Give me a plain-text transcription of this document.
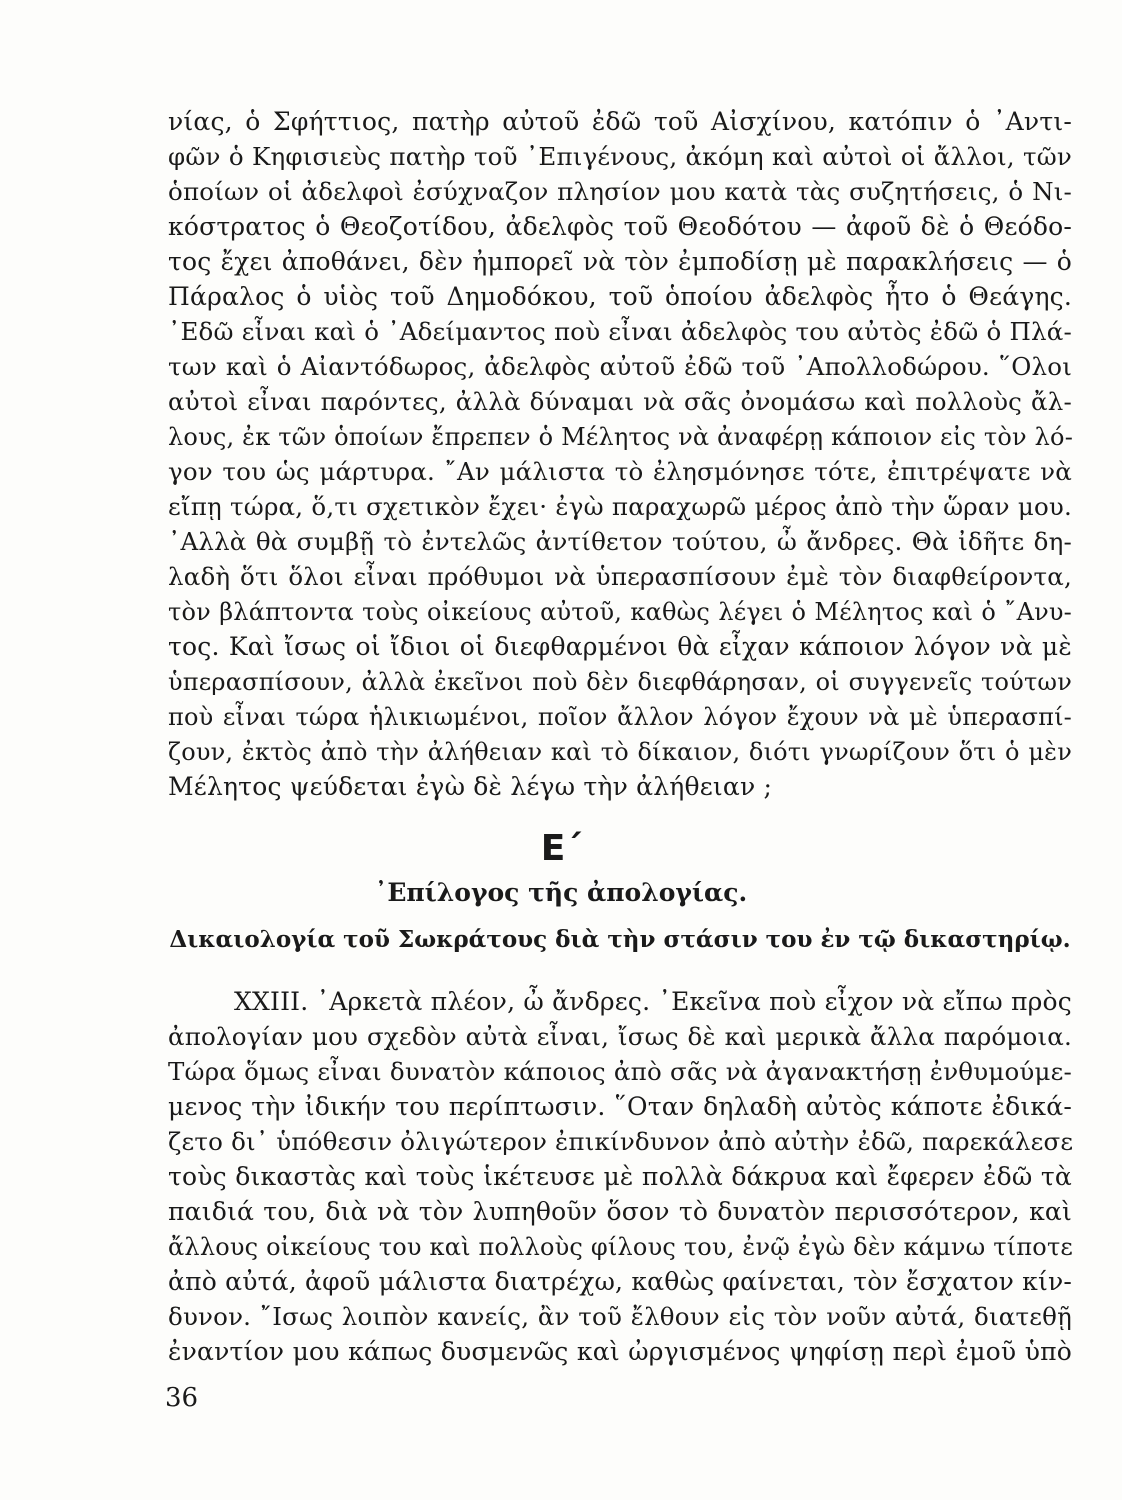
νίας, ὁ Σφήττιος, πατὴρ αὐτοῦ ἐδῶ τοῦ Αἰσχίνου, κατόπιν ὁ ᾿Αντι-
φῶν ὁ Κηφισιεὺς πατὴρ τοῦ ᾿Επιγένους, ἀκόμη καὶ αὐτοὶ οἱ ἄλλοι, τῶν
ὁποίων οἱ ἀδελφοὶ ἐσύχναζον πλησίον μου κατὰ τὰς συζητήσεις, ὁ Νι-
κόστρατος ὁ Θεοζοτίδου, ἀδελφὸς τοῦ Θεοδότου — ἀφοῦ δὲ ὁ Θεόδο-
τος ἔχει ἀποθάνει, δὲν ἠμπορεῖ νὰ τὸν ἐμποδίσῃ μὲ παρακλήσεις — ὁ
Πάραλος ὁ υἱὸς τοῦ Δημοδόκου, τοῦ ὁποίου ἀδελφὸς ἦτο ὁ Θεάγης.
᾿Εδῶ εἶναι καὶ ὁ ᾿Αδείμαντος ποὺ εἶναι ἀδελφὸς του αὐτὸς ἐδῶ ὁ Πλά-
των καὶ ὁ Αἰαντόδωρος, ἀδελφὸς αὐτοῦ ἐδῶ τοῦ ᾿Απολλοδώρου. ῞Ολοι
αὐτοὶ εἶναι παρόντες, ἀλλὰ δύναμαι νὰ σᾶς ὀνομάσω καὶ πολλοὺς ἄλ-
λους, ἐκ τῶν ὁποίων ἔπρεπεν ὁ Μέλητος νὰ ἀναφέρῃ κάποιον εἰς τὸν λό-
γον του ὡς μάρτυρα. ῎Αν μάλιστα τὸ ἐλησμόνησε τότε, ἐπιτρέψατε νὰ
εἴπῃ τώρα, ὅ,τι σχετικὸν ἔχει· ἐγὼ παραχωρῶ μέρος ἀπὸ τὴν ὥραν μου.
᾿Αλλὰ θὰ συμβῇ τὸ ἐντελῶς ἀντίθετον τούτου, ὦ ἄνδρες. Θὰ ἰδῆτε δη-
λαδὴ ὅτι ὅλοι εἶναι πρόθυμοι νὰ ὑπερασπίσουν ἐμὲ τὸν διαφθείροντα,
τὸν βλάπτοντα τοὺς οἰκείους αὐτοῦ, καθὼς λέγει ὁ Μέλητος καὶ ὁ ῎Ανυ-
τος. Καὶ ἴσως οἱ ἴδιοι οἱ διεφθαρμένοι θὰ εἶχαν κάποιον λόγον νὰ μὲ
ὑπερασπίσουν, ἀλλὰ ἐκεῖνοι ποὺ δὲν διεφθάρησαν, οἱ συγγενεῖς τούτων
ποὺ εἶναι τώρα ἡλικιωμένοι, ποῖον ἄλλον λόγον ἔχουν νὰ μὲ ὑπερασπί-
ζουν, ἐκτὸς ἀπὸ τὴν ἀλήθειαν καὶ τὸ δίκαιον, διότι γνωρίζουν ὅτι ὁ μὲν
Μέλητος ψεύδεται ἐγὼ δὲ λέγω τὴν ἀλήθειαν ;
Ε΄
᾿Επίλογος τῆς ἀπολογίας.
Δικαιολογία τοῦ Σωκράτους διὰ τὴν στάσιν του ἐν τῷ δικαστηρίῳ.
XXIII. ᾿Αρκετὰ πλέον, ὦ ἄνδρες. ᾿Εκεῖνα ποὺ εἶχον νὰ εἴπω πρὸς
ἀπολογίαν μου σχεδὸν αὐτὰ εἶναι, ἴσως δὲ καὶ μερικὰ ἄλλα παρόμοια.
Τώρα ὅμως εἶναι δυνατὸν κάποιος ἀπὸ σᾶς νὰ ἀγανακτήσῃ ἐνθυμούμε-
μενος τὴν ἰδικήν του περίπτωσιν. ῞Οταν δηλαδὴ αὐτὸς κάποτε ἐδικά-
ζετο δι᾿ ὑπόθεσιν ὀλιγώτερον ἐπικίνδυνον ἀπὸ αὐτὴν ἐδῶ, παρεκάλεσε
τοὺς δικαστὰς καὶ τοὺς ἱκέτευσε μὲ πολλὰ δάκρυα καὶ ἔφερεν ἐδῶ τὰ
παιδιά του, διὰ νὰ τὸν λυπηθοῦν ὅσον τὸ δυνατὸν περισσότερον, καὶ
ἄλλους οἰκείους του καὶ πολλοὺς φίλους του, ἐνῷ ἐγὼ δὲν κάμνω τίποτε
ἀπὸ αὐτά, ἀφοῦ μάλιστα διατρέχω, καθὼς φαίνεται, τὸν ἔσχατον κίν-
δυνον. ῎Ισως λοιπὸν κανείς, ἂν τοῦ ἔλθουν εἰς τὸν νοῦν αὐτά, διατεθῇ
ἐναντίον μου κάπως δυσμενῶς καὶ ὠργισμένος ψηφίσῃ περὶ ἐμοῦ ὑπὸ
36
